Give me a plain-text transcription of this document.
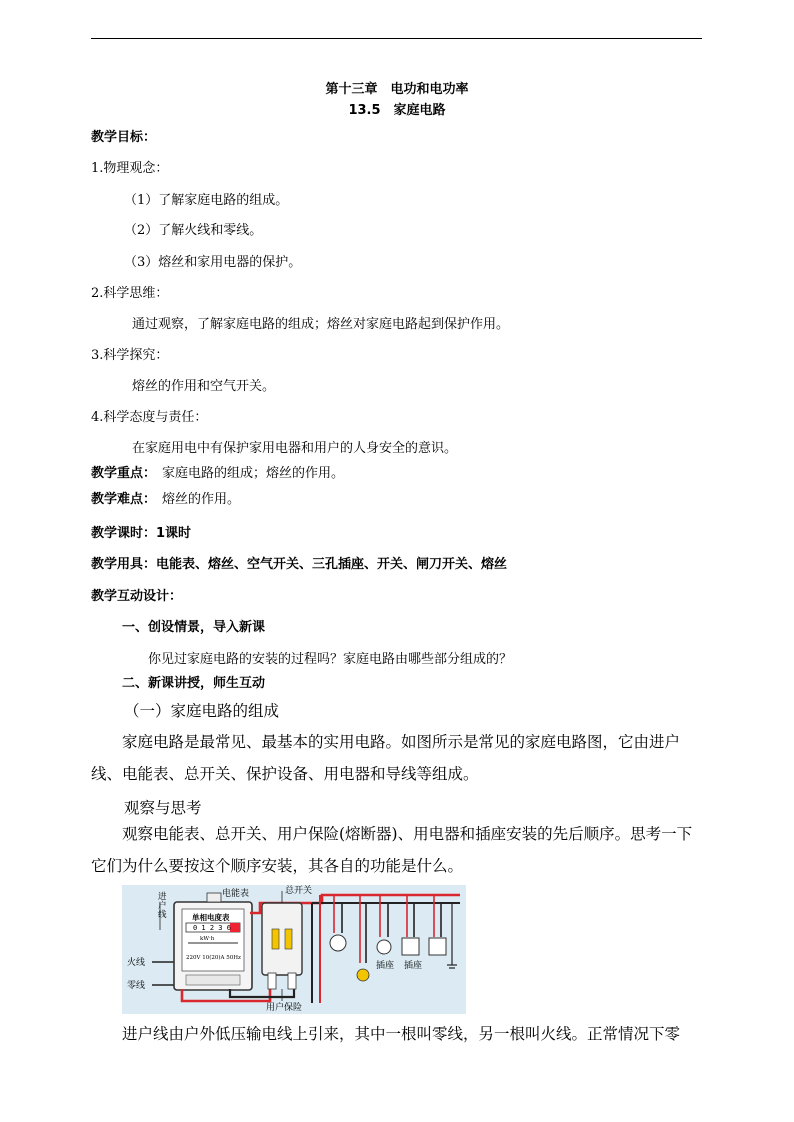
第十三章　电功和电功率
13.5　家庭电路
教学目标：
1.物理观念：
（1）了解家庭电路的组成。
（2）了解火线和零线。
（3）熔丝和家用电器的保护。
2.科学思维：
通过观察，了解家庭电路的组成；熔丝对家庭电路起到保护作用。
3.科学探究：
熔丝的作用和空气开关。
4.科学态度与责任：
在家庭用电中有保护家用电器和用户的人身安全的意识。
教学重点： 家庭电路的组成；熔丝的作用。
教学难点： 熔丝的作用。
教学课时：1课时
教学用具：电能表、熔丝、空气开关、三孔插座、开关、闸刀开关、熔丝
教学互动设计：
一、创设情景，导入新课
你见过家庭电路的安装的过程吗？家庭电路由哪些部分组成的？
二、新课讲授，师生互动
（一）家庭电路的组成
家庭电路是最常见、最基本的实用电路。如图所示是常见的家庭电路图，它由进户线、电能表、总开关、保护设备、用电器和导线等组成。
观察与思考
观察电能表、总开关、用户保险(熔断器)、用电器和插座安装的先后顺序。思考一下它们为什么要按这个顺序安装，其各自的功能是什么。
进户线
电能表
单相电度表
0 1 2 3 6
kW·h
220V 10(20)A 50Hz
总开关
火线
零线
用户保险
插座 插座
进户线由户外低压输电线上引来，其中一根叫零线，另一根叫火线。正常情况下零
